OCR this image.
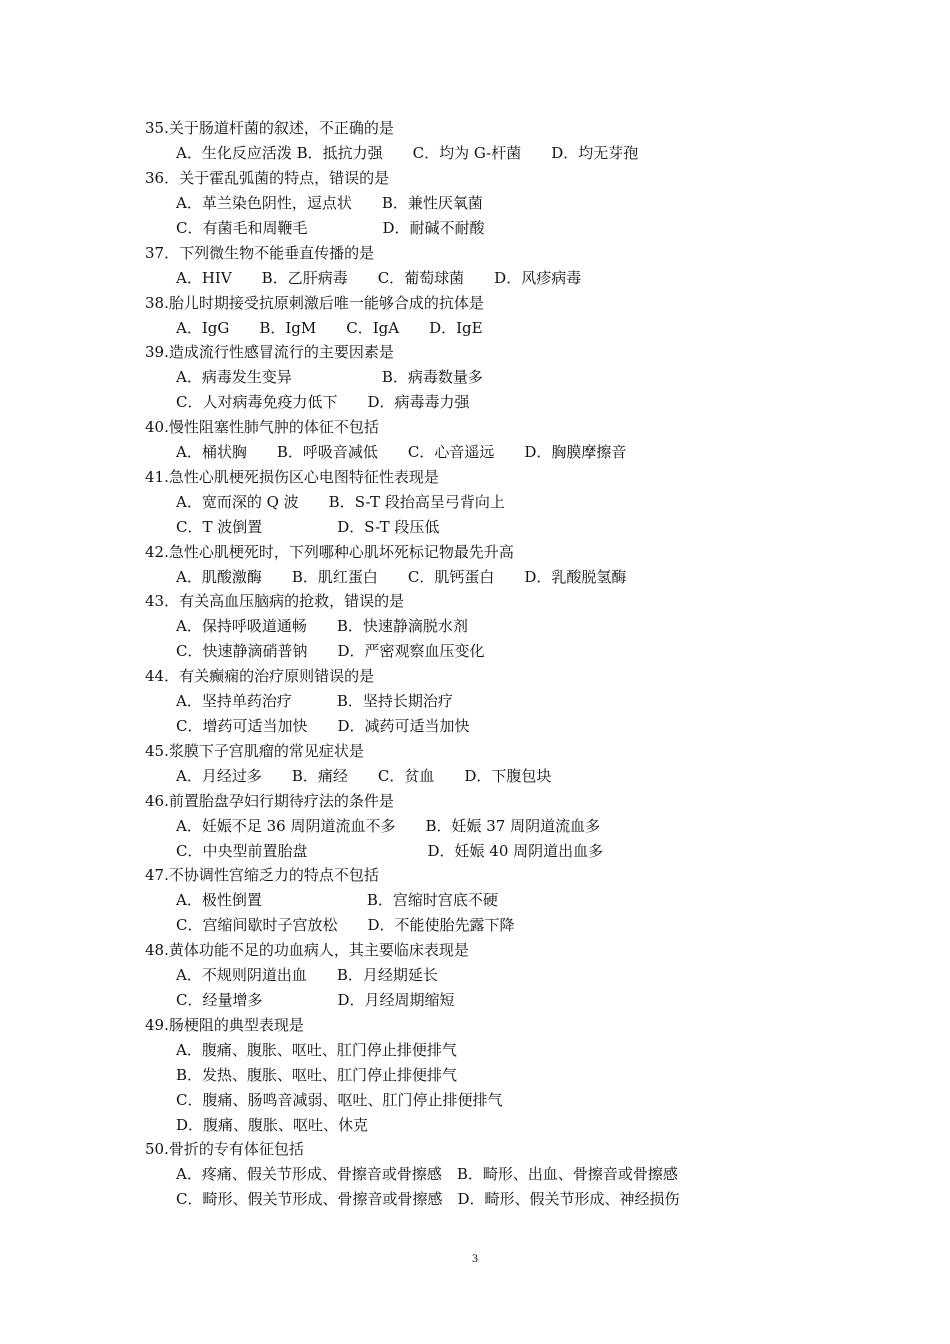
35.关于肠道杆菌的叙述，不正确的是
A．生化反应活泼 B．抵抗力强　　C．均为 G-杆菌　　D．均无芽孢
36．关于霍乱弧菌的特点，错误的是
A．革兰染色阴性，逗点状　　B．兼性厌氧菌
C．有菌毛和周鞭毛　　　　　D．耐碱不耐酸
37．下列微生物不能垂直传播的是
A．HIV　　B．乙肝病毒　　C．葡萄球菌　　D．风疹病毒
38.胎儿时期接受抗原刺激后唯一能够合成的抗体是
A．IgG　　B．IgM　　C．IgA　　D．IgE
39.造成流行性感冒流行的主要因素是
A．病毒发生变异　　　　　　B．病毒数量多
C．人对病毒免疫力低下　　D．病毒毒力强
40.慢性阻塞性肺气肿的体征不包括
A．桶状胸　　B．呼吸音减低　　C．心音遥远　　D．胸膜摩擦音
41.急性心肌梗死损伤区心电图特征性表现是
A．宽而深的 Q 波　　B．S-T 段抬高呈弓背向上
C．T 波倒置　　　　　D．S-T 段压低
42.急性心肌梗死时，下列哪种心肌坏死标记物最先升高
A．肌酸激酶　　B．肌红蛋白　　C．肌钙蛋白　　D．乳酸脱氢酶
43．有关高血压脑病的抢救，错误的是
A．保持呼吸道通畅　　B．快速静滴脱水剂
C．快速静滴硝普钠　　D．严密观察血压变化
44．有关癫痫的治疗原则错误的是
A．坚持单药治疗　　　B．坚持长期治疗
C．增药可适当加快　　D．减药可适当加快
45.浆膜下子宫肌瘤的常见症状是
A．月经过多　　B．痛经　　C．贫血　　D．下腹包块
46.前置胎盘孕妇行期待疗法的条件是
A．妊娠不足 36 周阴道流血不多　　B．妊娠 37 周阴道流血多
C．中央型前置胎盘　　　　　　　　D．妊娠 40 周阴道出血多
47.不协调性宫缩乏力的特点不包括
A．极性倒置　　　　　　　B．宫缩时宫底不硬
C．宫缩间歇时子宫放松　　D．不能使胎先露下降
48.黄体功能不足的功血病人，其主要临床表现是
A．不规则阴道出血　　B．月经期延长
C．经量增多　　　　　D．月经周期缩短
49.肠梗阻的典型表现是
A．腹痛、腹胀、呕吐、肛门停止排便排气
B．发热、腹胀、呕吐、肛门停止排便排气
C．腹痛、肠鸣音减弱、呕吐、肛门停止排便排气
D．腹痛、腹胀、呕吐、休克
50.骨折的专有体征包括
A．疼痛、假关节形成、骨擦音或骨擦感　B．畸形、出血、骨擦音或骨擦感
C．畸形、假关节形成、骨擦音或骨擦感　D．畸形、假关节形成、神经损伤
3
